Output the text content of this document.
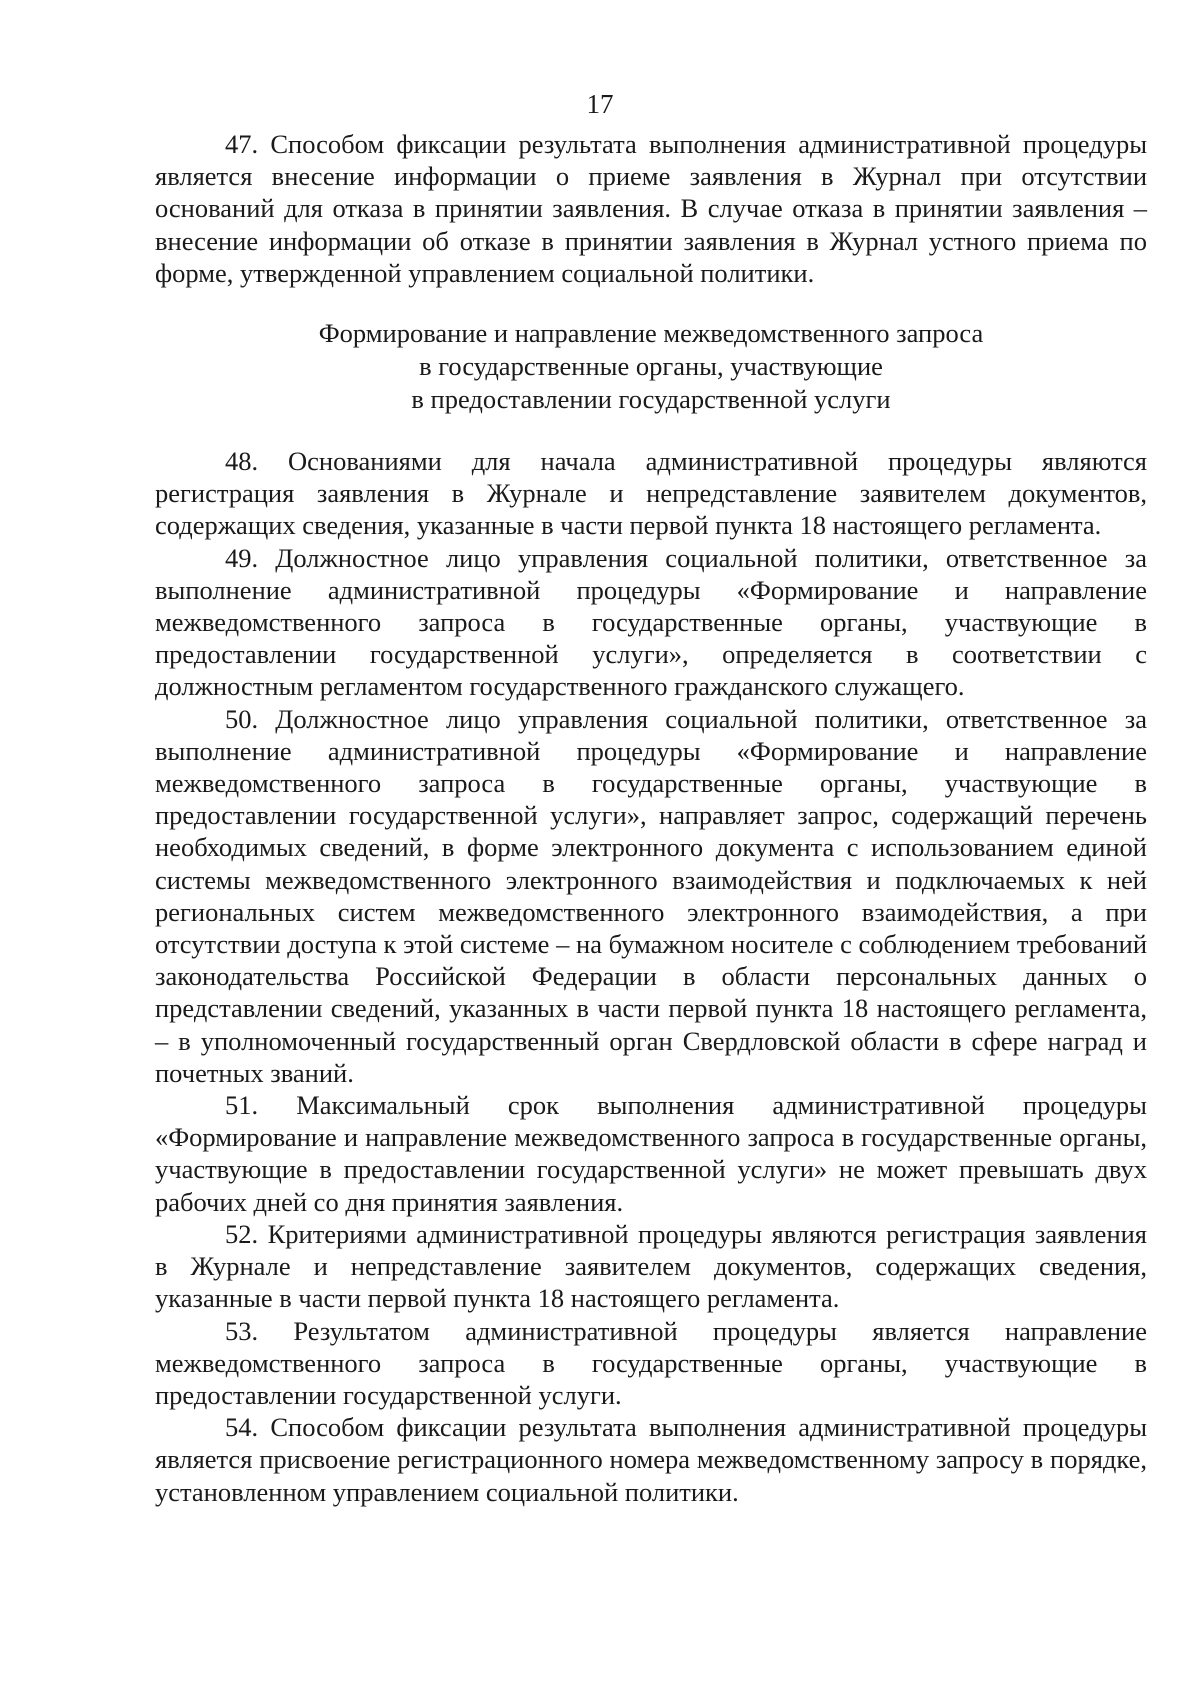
17

47. Способом фиксации результата выполнения административной процедуры является внесение информации о приеме заявления в Журнал при отсутствии оснований для отказа в принятии заявления. В случае отказа в принятии заявления – внесение информации об отказе в принятии заявления в Журнал устного приема по форме, утвержденной управлением социальной политики.

Формирование и направление межведомственного запроса
в государственные органы, участвующие
в предоставлении государственной услуги

48. Основаниями для начала административной процедуры являются регистрация заявления в Журнале и непредставление заявителем документов, содержащих сведения, указанные в части первой пункта 18 настоящего регламента.

49. Должностное лицо управления социальной политики, ответственное за выполнение административной процедуры «Формирование и направление межведомственного запроса в государственные органы, участвующие в предоставлении государственной услуги», определяется в соответствии с должностным регламентом государственного гражданского служащего.

50. Должностное лицо управления социальной политики, ответственное за выполнение административной процедуры «Формирование и направление межведомственного запроса в государственные органы, участвующие в предоставлении государственной услуги», направляет запрос, содержащий перечень необходимых сведений, в форме электронного документа с использованием единой системы межведомственного электронного взаимодействия и подключаемых к ней региональных систем межведомственного электронного взаимодействия, а при отсутствии доступа к этой системе – на бумажном носителе с соблюдением требований законодательства Российской Федерации в области персональных данных о представлении сведений, указанных в части первой пункта 18 настоящего регламента, – в уполномоченный государственный орган Свердловской области в сфере наград и почетных званий.

51. Максимальный срок выполнения административной процедуры «Формирование и направление межведомственного запроса в государственные органы, участвующие в предоставлении государственной услуги» не может превышать двух рабочих дней со дня принятия заявления.

52. Критериями административной процедуры являются регистрация заявления в Журнале и непредставление заявителем документов, содержащих сведения, указанные в части первой пункта 18 настоящего регламента.

53. Результатом административной процедуры является направление межведомственного запроса в государственные органы, участвующие в предоставлении государственной услуги.

54. Способом фиксации результата выполнения административной процедуры является присвоение регистрационного номера межведомственному запросу в порядке, установленном управлением социальной политики.
